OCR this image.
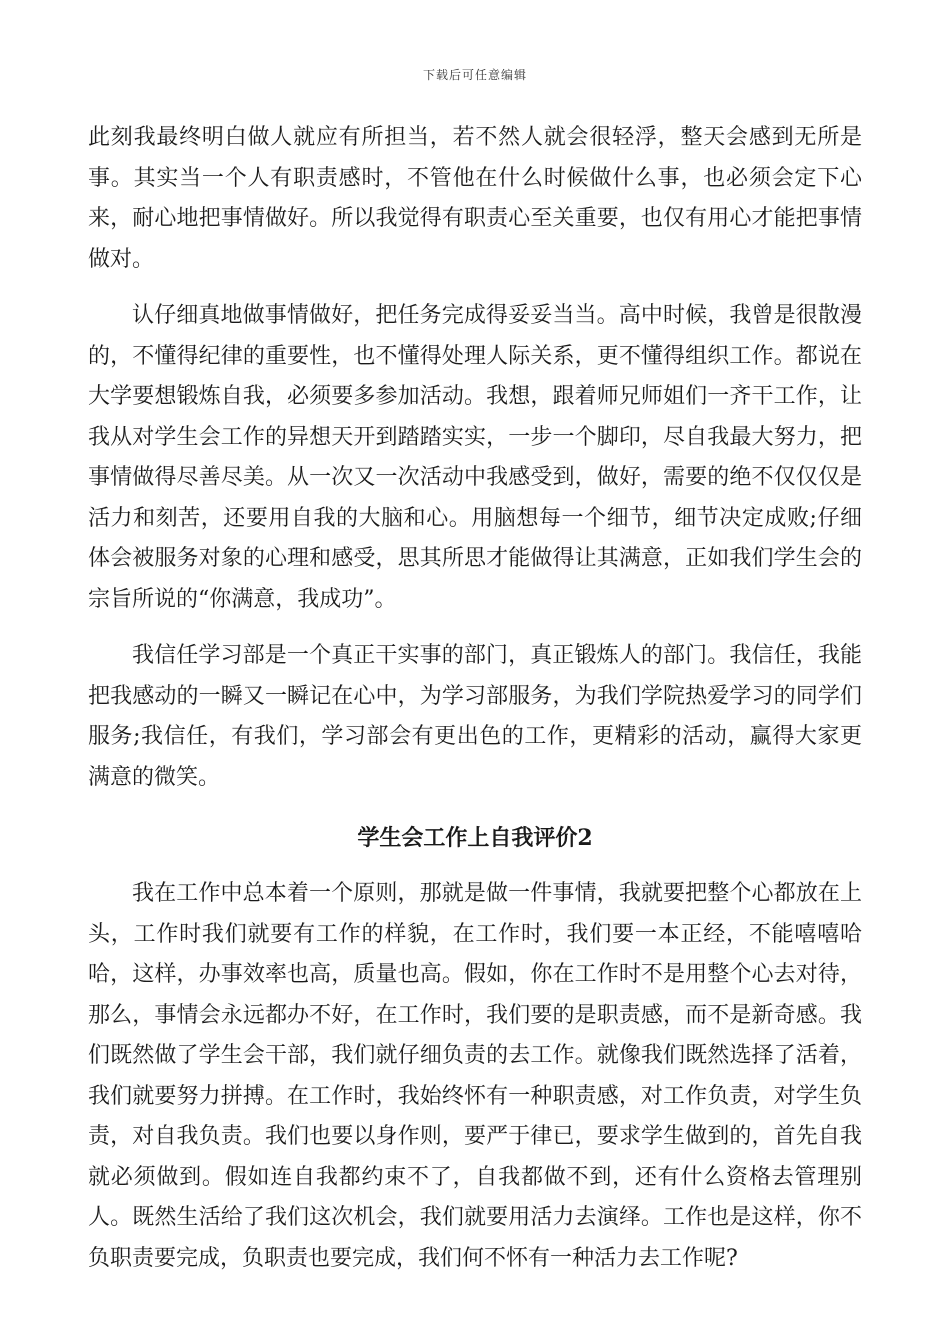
下载后可任意编辑

此刻我最终明白做人就应有所担当，若不然人就会很轻浮，整天会感到无所是事。其实当一个人有职责感时，不管他在什么时候做什么事，也必须会定下心来，耐心地把事情做好。所以我觉得有职责心至关重要，也仅有用心才能把事情做对。

认仔细真地做事情做好，把任务完成得妥妥当当。高中时候，我曾是很散漫的，不懂得纪律的重要性，也不懂得处理人际关系，更不懂得组织工作。都说在大学要想锻炼自我，必须要多参加活动。我想，跟着师兄师姐们一齐干工作，让我从对学生会工作的异想天开到踏踏实实，一步一个脚印，尽自我最大努力，把事情做得尽善尽美。从一次又一次活动中我感受到，做好，需要的绝不仅仅仅是活力和刻苦，还要用自我的大脑和心。用脑想每一个细节，细节决定成败;仔细体会被服务对象的心理和感受，思其所思才能做得让其满意，正如我们学生会的宗旨所说的“你满意，我成功”。

我信任学习部是一个真正干实事的部门，真正锻炼人的部门。我信任，我能把我感动的一瞬又一瞬记在心中，为学习部服务，为我们学院热爱学习的同学们服务;我信任，有我们，学习部会有更出色的工作，更精彩的活动，赢得大家更满意的微笑。

学生会工作上自我评价2

我在工作中总本着一个原则，那就是做一件事情，我就要把整个心都放在上头，工作时我们就要有工作的样貌，在工作时，我们要一本正经，不能嘻嘻哈哈，这样，办事效率也高，质量也高。假如，你在工作时不是用整个心去对待，那么，事情会永远都办不好，在工作时，我们要的是职责感，而不是新奇感。我们既然做了学生会干部，我们就仔细负责的去工作。就像我们既然选择了活着，我们就要努力拼搏。在工作时，我始终怀有一种职责感，对工作负责，对学生负责，对自我负责。我们也要以身作则，要严于律已，要求学生做到的，首先自我就必须做到。假如连自我都约束不了，自我都做不到，还有什么资格去管理别人。既然生活给了我们这次机会，我们就要用活力去演绎。工作也是这样，你不负职责要完成，负职责也要完成，我们何不怀有一种活力去工作呢?
